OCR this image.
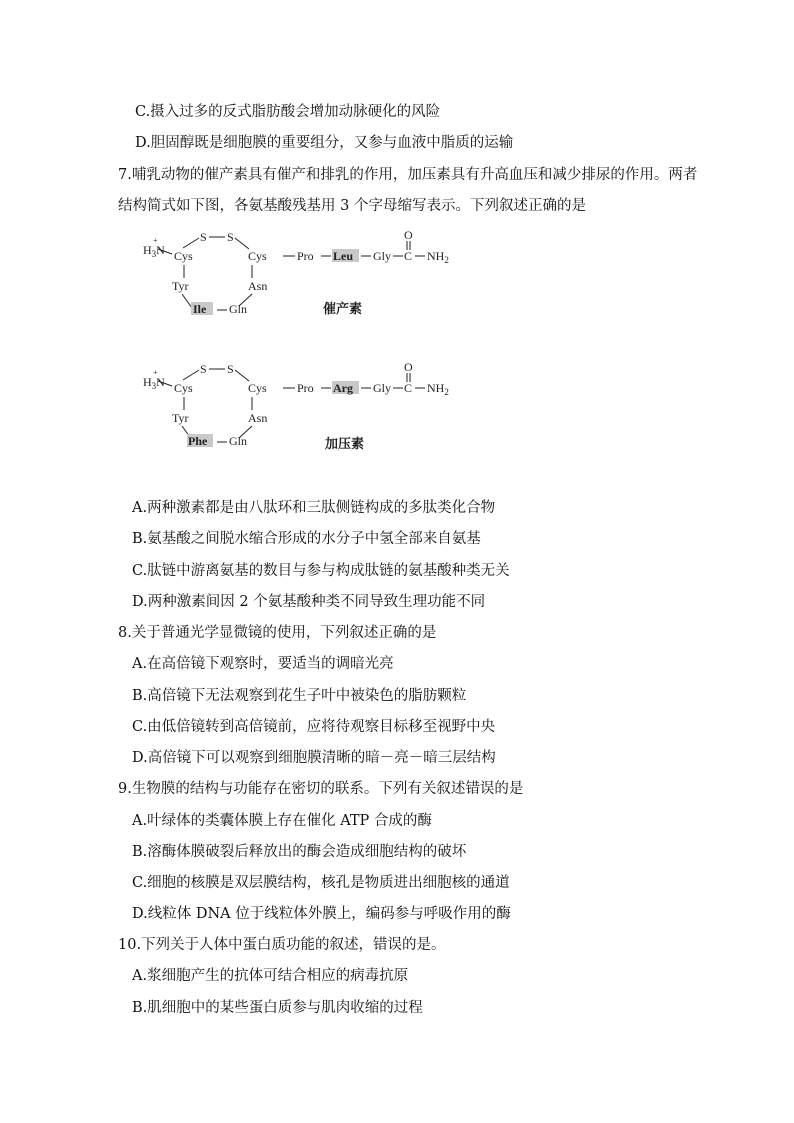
C.摄入过多的反式脂肪酸会增加动脉硬化的风险
D.胆固醇既是细胞膜的重要组分，又参与血液中脂质的运输
7.哺乳动物的催产素具有催产和排乳的作用，加压素具有升高血压和减少排尿的作用。两者
结构简式如下图，各氨基酸残基用 3 个字母缩写表示。下列叙述正确的是
$H_3N$
+
Cys
S S
Cys
Tyr	Asn
Ile Gln
Pro Leu Gly C
O
$NH_2$
催产素
$H_3N$
+
Cys
S S
Cys
Tyr	Asn
Phe Gln
Pro Arg Gly C
O
$NH_2$
加压素
A.两种激素都是由八肽环和三肽侧链构成的多肽类化合物
B.氨基酸之间脱水缩合形成的水分子中氢全部来自氨基
C.肽链中游离氨基的数目与参与构成肽链的氨基酸种类无关
D.两种激素间因 2 个氨基酸种类不同导致生理功能不同
8.关于普通光学显微镜的使用，下列叙述正确的是
A.在高倍镜下观察时，要适当的调暗光亮
B.高倍镜下无法观察到花生子叶中被染色的脂肪颗粒
C.由低倍镜转到高倍镜前，应将待观察目标移至视野中央
D.高倍镜下可以观察到细胞膜清晰的暗－亮－暗三层结构
9.生物膜的结构与功能存在密切的联系。下列有关叙述错误的是
A.叶绿体的类囊体膜上存在催化 ATP 合成的酶
B.溶酶体膜破裂后释放出的酶会造成细胞结构的破坏
C.细胞的核膜是双层膜结构，核孔是物质进出细胞核的通道
D.线粒体 DNA 位于线粒体外膜上，编码参与呼吸作用的酶
10.下列关于人体中蛋白质功能的叙述，错误的是。
A.浆细胞产生的抗体可结合相应的病毒抗原
B.肌细胞中的某些蛋白质参与肌肉收缩的过程
